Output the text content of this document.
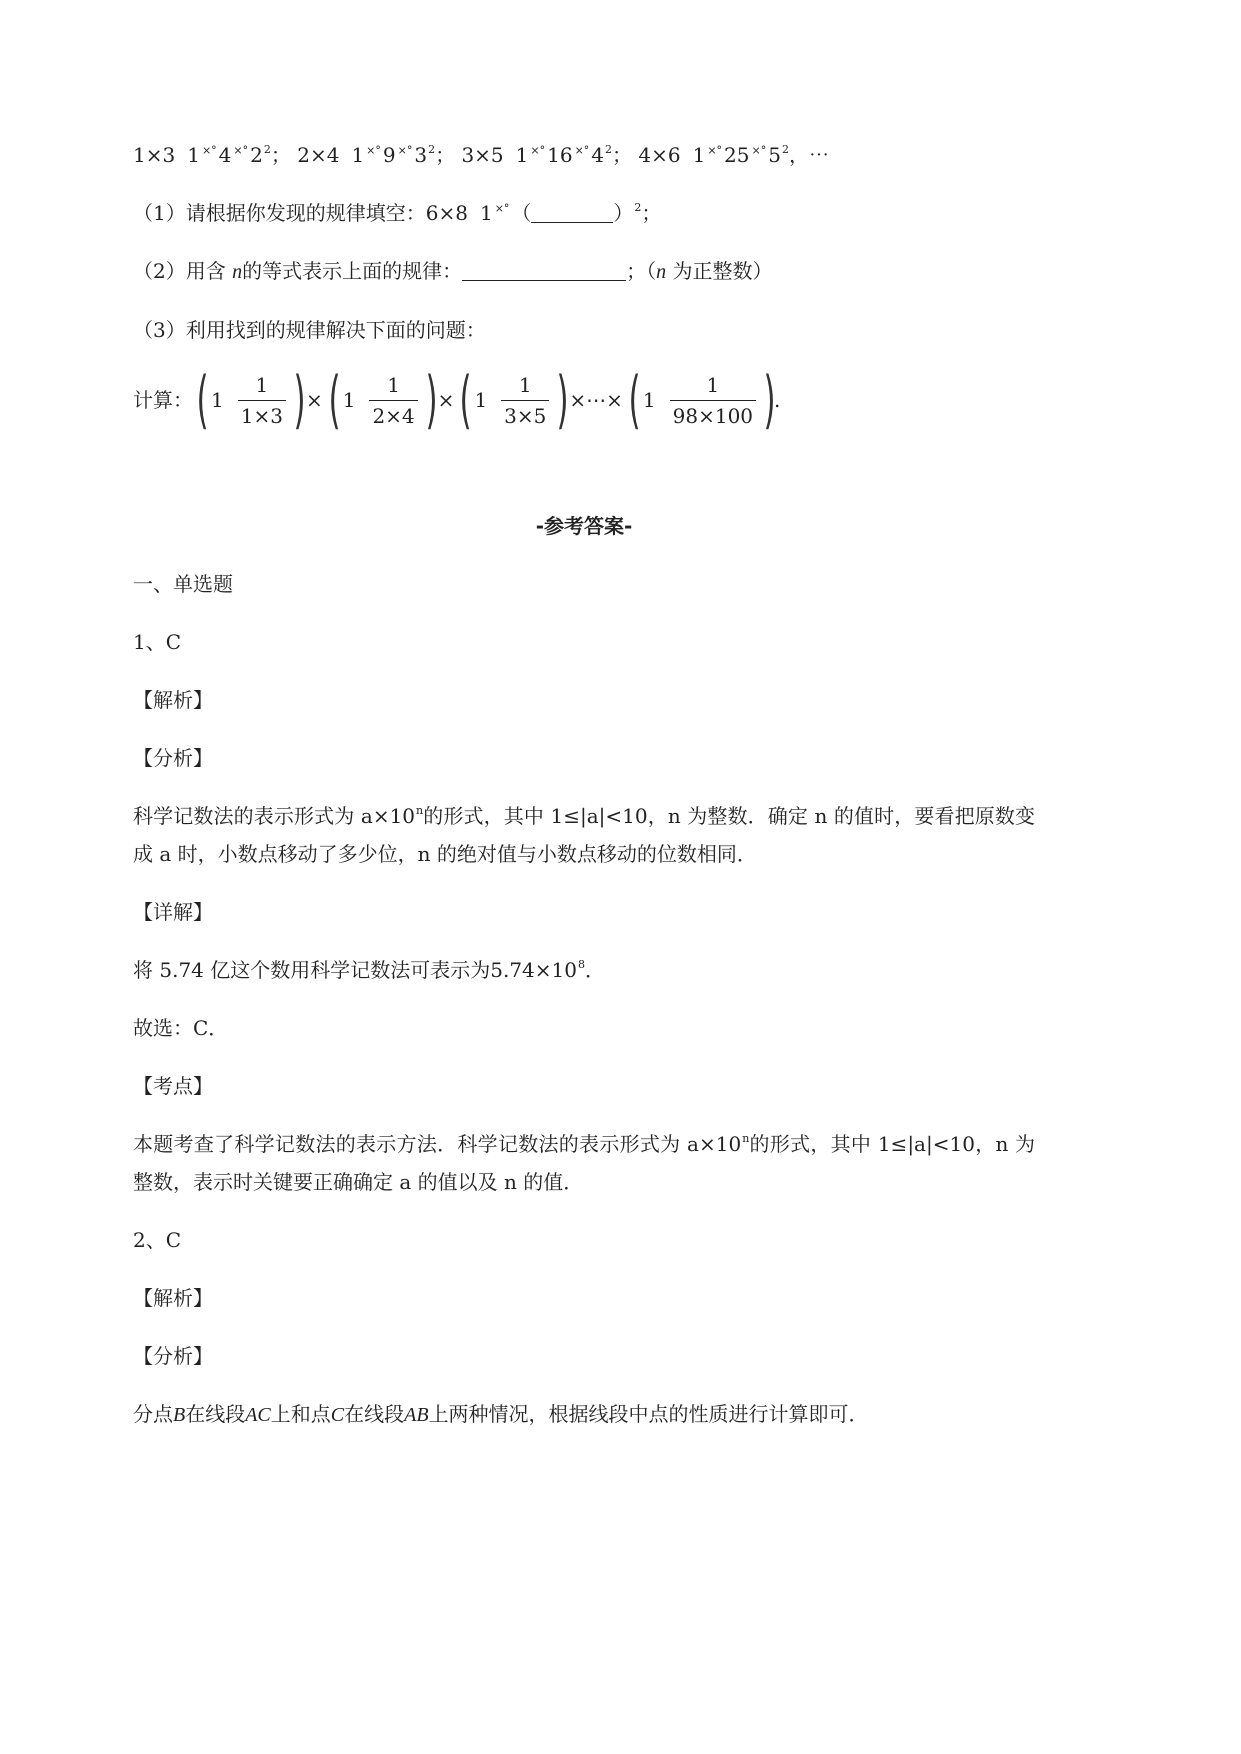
1×3 1 ×° 4 ×° $2^2$； 2×4 1 ×° 9 ×° $3^2$； 3×5 1 ×° 16 ×° $4^2$； 4×6 1 ×° 25 ×° $5^2$，⋯
（1）请根据你发现的规律填空：6×8 1 ×° （	）$^2$；
（2）用含 n的等式表示上面的规律：	；（n 为正整数）
（3）利用找到的规律解决下面的问题：
计算： ( $1 \frac{1}{1\times 3}$ ) × ( $1 \frac{1}{2\times 4}$ ) × ( $1 \frac{1}{3\times 5}$ ) ×⋯× ( $1 \frac{1}{98\times 100}$ )
.
-参考答案-
一、单选题
1、C
【解析】
【分析】
科学记数法的表示形式为 $a\times 10^n$的形式，其中 1≤|a|<10，n 为整数．确定 n 的值时，要看把原数变成 a 时，小数点移动了多少位，n 的绝对值与小数点移动的位数相同．
【详解】
将 5.74 亿这个数用科学记数法可表示为$5.74\times 10^8$．
故选：C．
【考点】
本题考查了科学记数法的表示方法．科学记数法的表示形式为 $a\times 10^n$的形式，其中 1≤|a|<10，n 为整数，表示时关键要正确确定 a 的值以及 n 的值．
2、C
【解析】
【分析】
分点B在线段AC上和点C在线段AB上两种情况，根据线段中点的性质进行计算即可．
